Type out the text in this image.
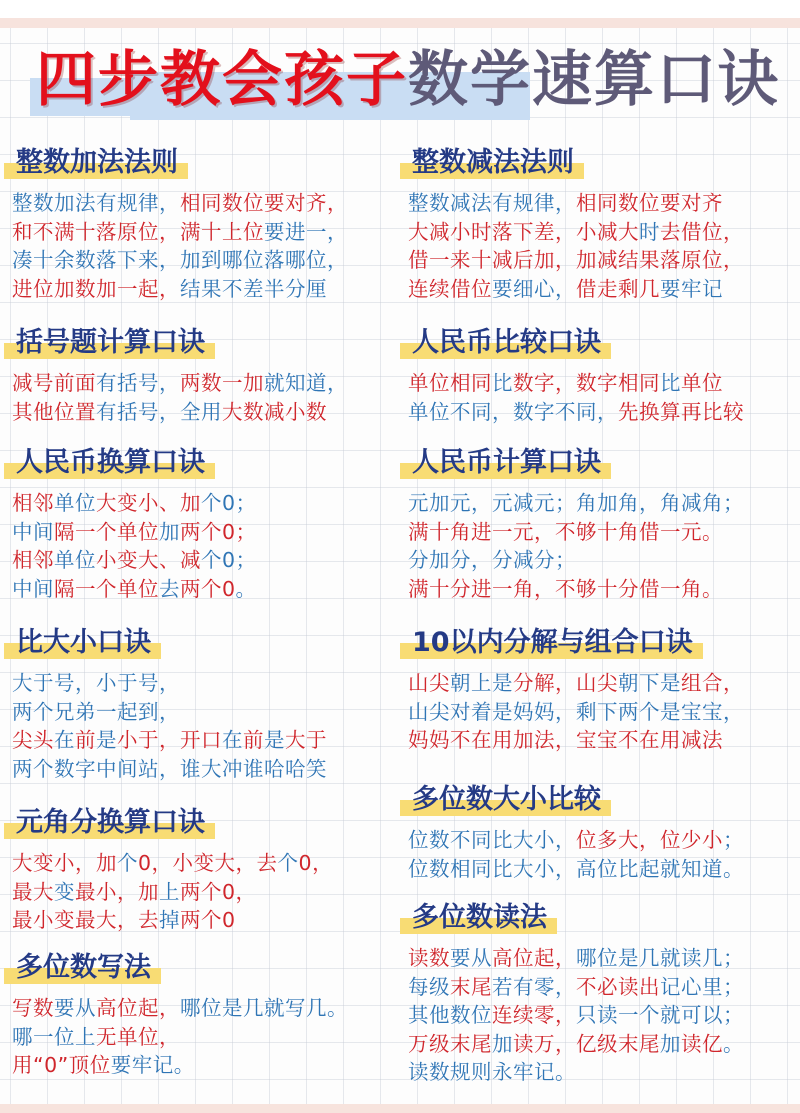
四步教会孩子数学速算口诀
整数加法法则
整数加法有规律，相同数位要对齐，
和不满十落原位，满十上位要进一，
凑十余数落下来，加到哪位落哪位，
进位加数加一起，结果不差半分厘
括号题计算口诀
减号前面有括号，两数一加就知道，
其他位置有括号，全用大数减小数
人民币换算口诀
相邻单位大变小、加个0；
中间隔一个单位加两个0；
相邻单位小变大、减个0；
中间隔一个单位去两个0。
比大小口诀
大于号，小于号，
两个兄弟一起到，
尖头在前是小于，开口在前是大于
两个数字中间站，谁大冲谁哈哈笑
元角分换算口诀
大变小，加个0，小变大，去个0，
最大变最小，加上两个0，
最小变最大，去掉两个0
多位数写法
写数要从高位起，哪位是几就写几。
哪一位上无单位，
用“0”顶位要牢记。
整数减法法则
整数减法有规律，相同数位要对齐
大减小时落下差，小减大时去借位，
借一来十减后加，加减结果落原位，
连续借位要细心，借走剩几要牢记
人民币比较口诀
单位相同比数字，数字相同比单位
单位不同，数字不同，先换算再比较
人民币计算口诀
元加元，元减元；角加角，角减角；
满十角进一元，不够十角借一元。
分加分，分减分；
满十分进一角，不够十分借一角。
10以内分解与组合口诀
山尖朝上是分解，山尖朝下是组合，
山尖对着是妈妈，剩下两个是宝宝，
妈妈不在用加法，宝宝不在用减法
多位数大小比较
位数不同比大小，位多大，位少小；
位数相同比大小，高位比起就知道。
多位数读法
读数要从高位起，哪位是几就读几；
每级末尾若有零，不必读出记心里；
其他数位连续零，只读一个就可以；
万级末尾加读万，亿级末尾加读亿。
读数规则永牢记。
